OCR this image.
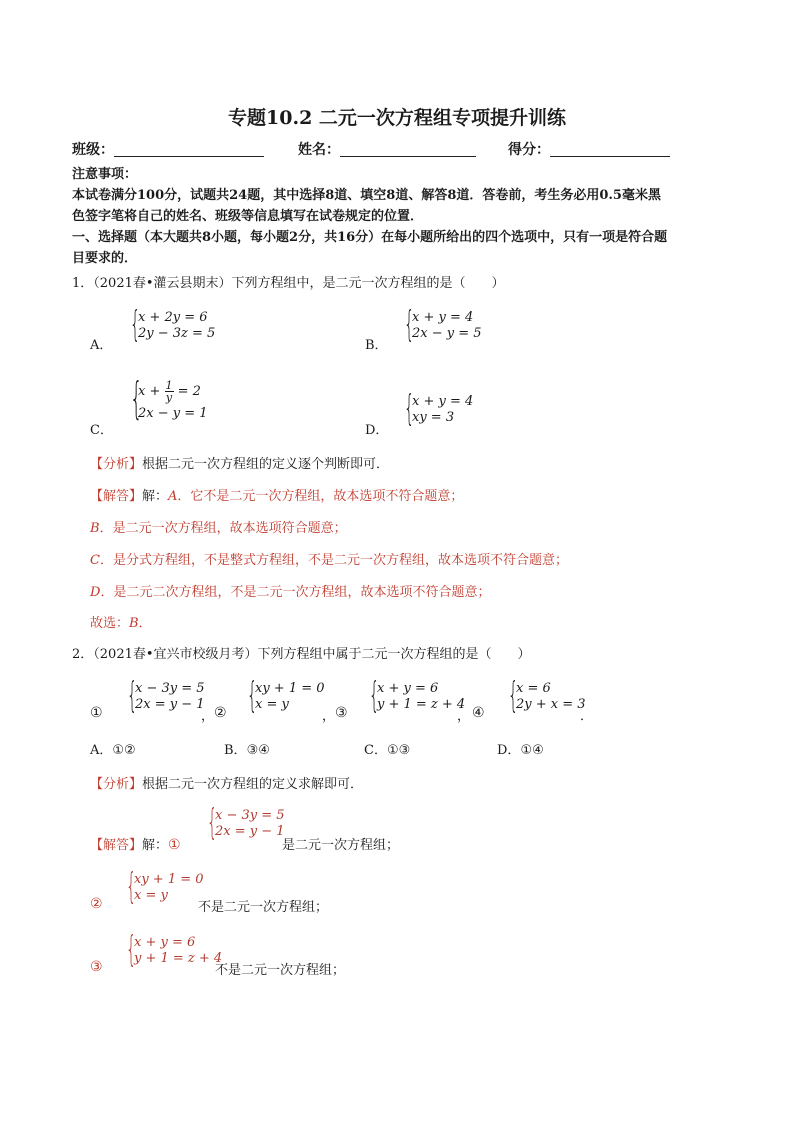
专题10.2 二元一次方程组专项提升训练
班级：	姓名：	得分：
注意事项：
本试卷满分100分，试题共24题，其中选择8道、填空8道、解答8道．答卷前，考生务必用0.5毫米黑
色签字笔将自己的姓名、班级等信息填写在试卷规定的位置．
一、选择题（本大题共8小题，每小题2分，共16分）在每小题所给出的四个选项中，只有一项是符合题
目要求的．
1．（2021春•灌云县期末）下列方程组中，是二元一次方程组的是（　　）
A．
{
x + 2y = 6
2y − 3z = 5
B．
{
x + y = 4
2x − y = 5
C．
{
$x + \frac{1}{y} = 2$
2x − y = 1
D．
{
x + y = 4
xy = 3
【分析】根据二元一次方程组的定义逐个判断即可．
【解答】解：A．它不是二元一次方程组，故本选项不符合题意；
B．是二元一次方程组，故本选项符合题意；
C．是分式方程组，不是整式方程组，不是二元一次方程组，故本选项不符合题意；
D．是二元二次方程组，不是二元一次方程组，故本选项不符合题意；
故选：B．
2．（2021春•宜兴市校级月考）下列方程组中属于二元一次方程组的是（　　）
① {
x − 3y = 5
2x = y − 1
， ② {
xy + 1 = 0
x = y
， ③ {
x + y = 6
y + 1 = z + 4
， ④ {
x = 6
2y + x = 3
．
A．①②	B．③④	C．①③	D．①④
【分析】根据二元一次方程组的定义求解即可．
【解答】解：①
{
x − 3y = 5
2x = y − 1
是二元一次方程组；
② {
xy + 1 = 0
x = y
不是二元一次方程组；
③ {
x + y = 6
y + 1 = z + 4
不是二元一次方程组；
